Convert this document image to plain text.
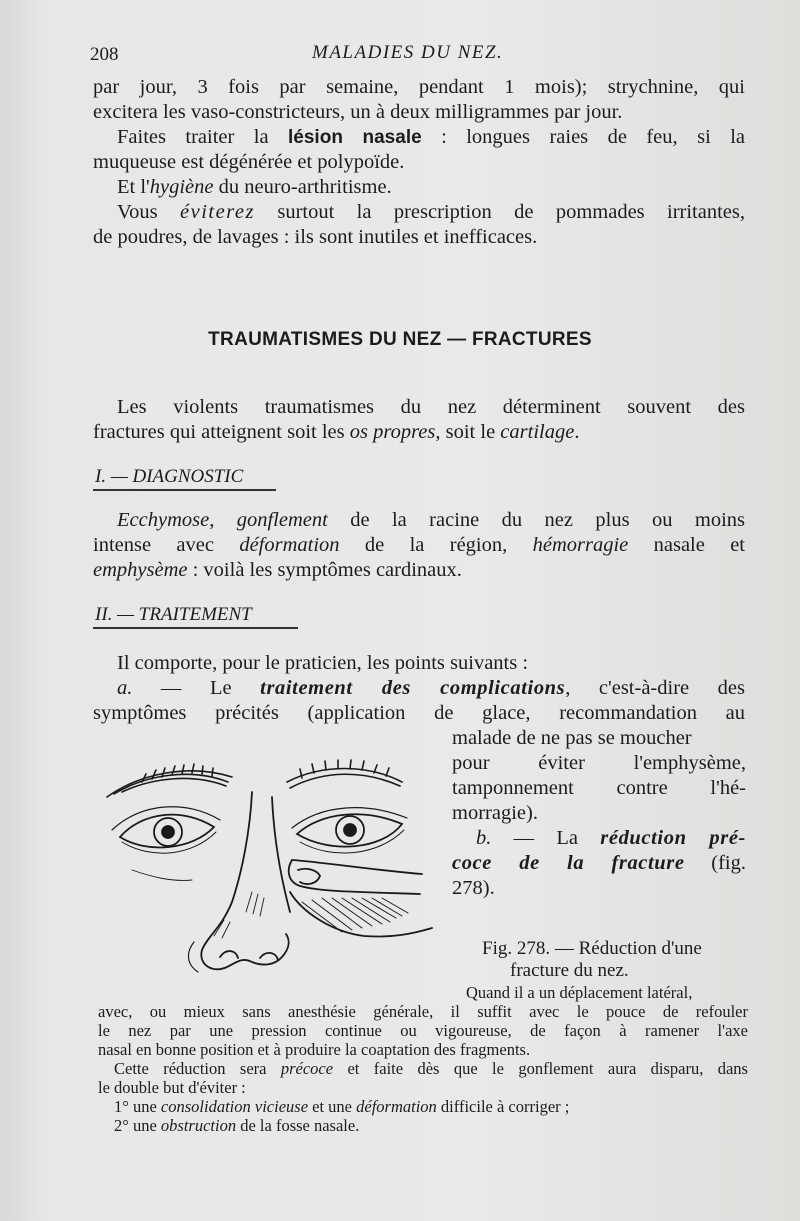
208	MALADIES DU NEZ.
par jour, 3 fois par semaine, pendant 1 mois); strychnine, qui
excitera les vaso-constricteurs, un à deux milligrammes par jour.
Faites traiter la lésion nasale : longues raies de feu, si la
muqueuse est dégénérée et polypoïde.
Et l'hygiène du neuro-arthritisme.
Vous éviterez surtout la prescription de pommades irritantes,
de poudres, de lavages : ils sont inutiles et inefficaces.
TRAUMATISMES DU NEZ — FRACTURES
Les violents traumatismes du nez déterminent souvent des
fractures qui atteignent soit les os propres, soit le cartilage.
I. — DIAGNOSTIC
Ecchymose, gonflement de la racine du nez plus ou moins
intense avec déformation de la région, hémorragie nasale et
emphysème : voilà les symptômes cardinaux.
II. — TRAITEMENT
Il comporte, pour le praticien, les points suivants :
a. — Le traitement des complications, c'est-à-dire des
symptômes précités (application de glace, recommandation au
malade de ne pas se moucher
pour éviter l'emphysème,
tamponnement contre l'hé-
morragie).
b. — La réduction pré-
coce de la fracture (fig.
278).
Fig. 278. — Réduction d'une
fracture du nez.
Quand il a un déplacement latéral,
avec, ou mieux sans anesthésie générale, il suffit avec le pouce de refouler
le nez par une pression continue ou vigoureuse, de façon à ramener l'axe
nasal en bonne position et à produire la coaptation des fragments.
Cette réduction sera précoce et faite dès que le gonflement aura disparu, dans
le double but d'éviter :
1° une consolidation vicieuse et une déformation difficile à corriger ;
2° une obstruction de la fosse nasale.
